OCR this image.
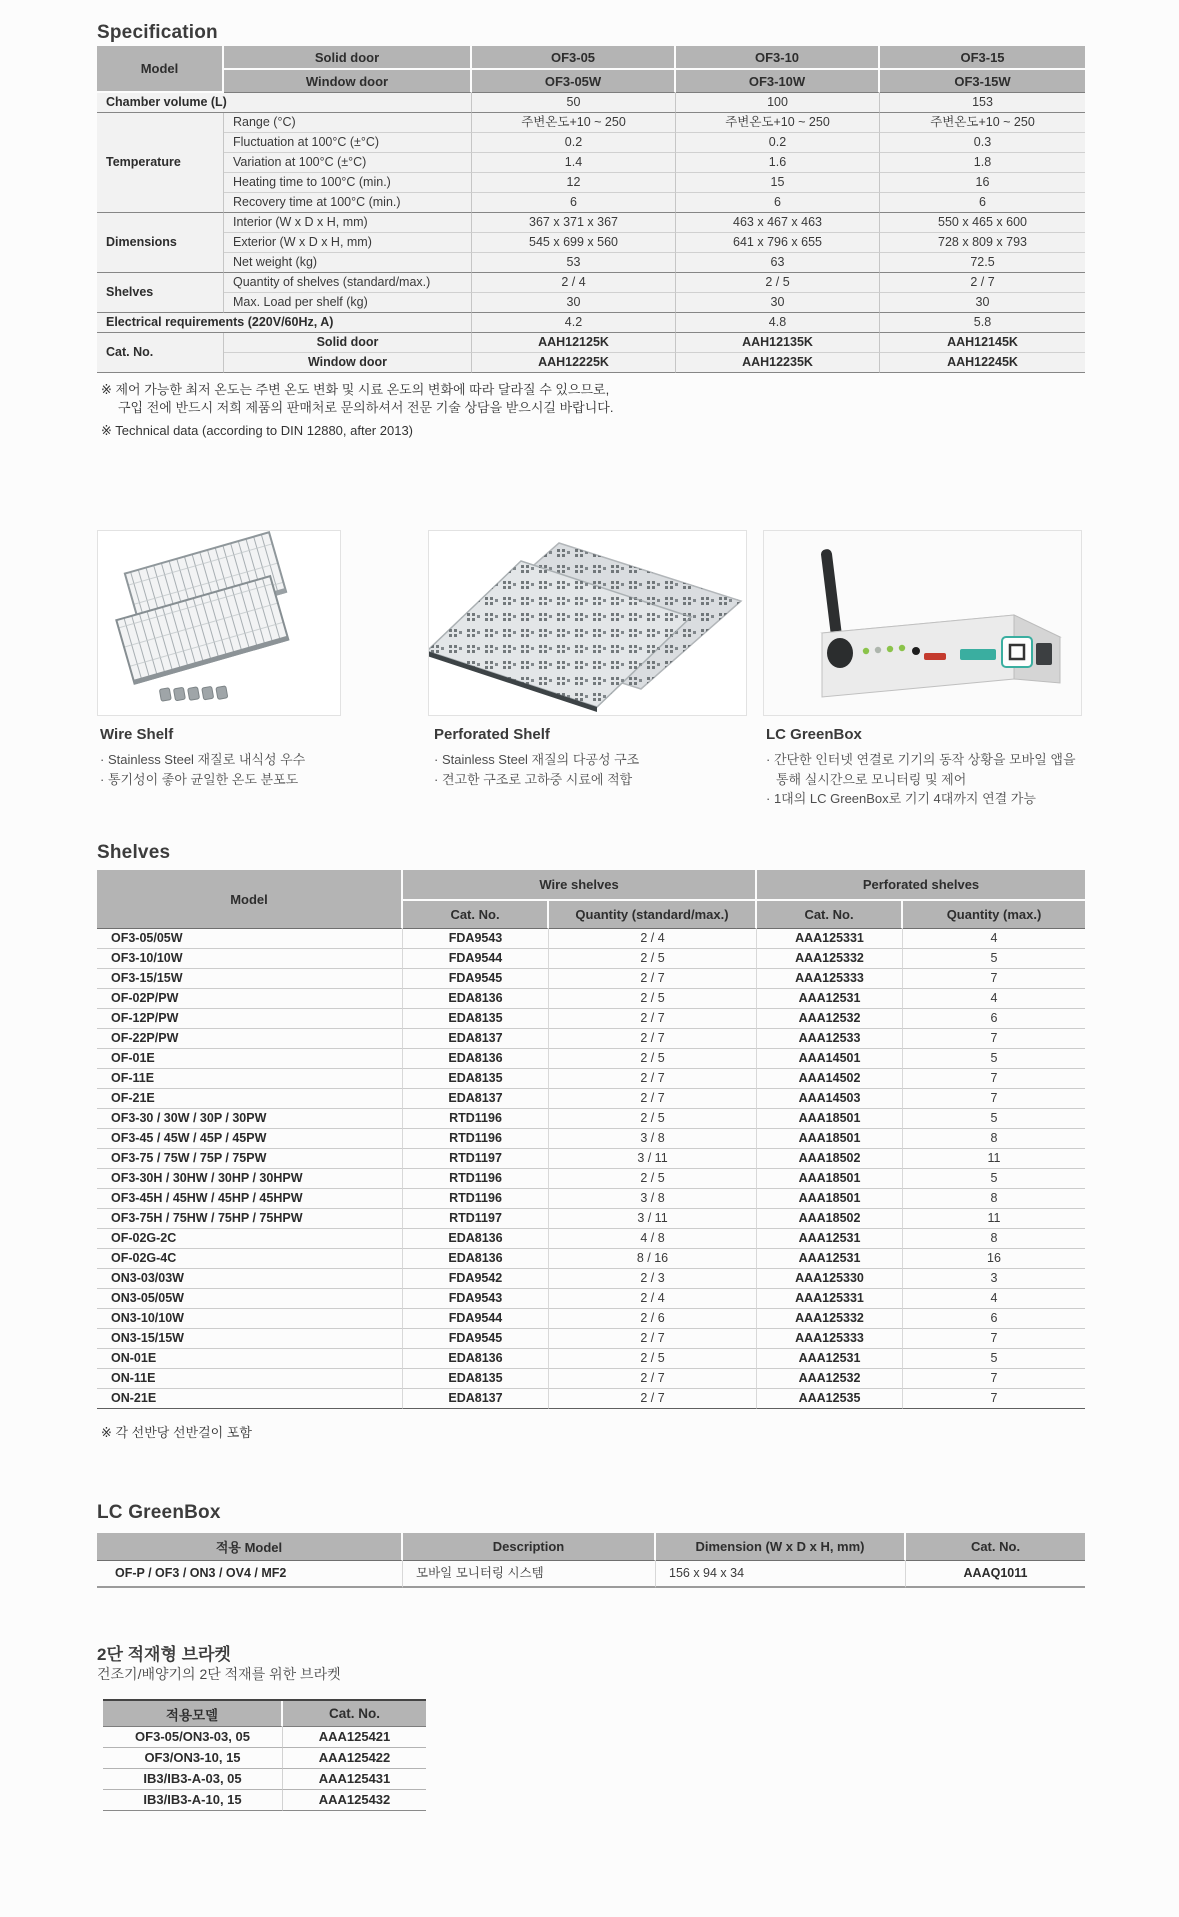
Specification
Model	Solid door	OF3-05	OF3-10	OF3-15
	Window door	OF3-05W	OF3-10W	OF3-15W
Chamber volume (L)		50	100	153
Temperature	Range (°C)	주변온도+10 ~ 250	주변온도+10 ~ 250	주변온도+10 ~ 250
	Fluctuation at 100°C (±°C)	0.2	0.2	0.3
	Variation at 100°C (±°C)	1.4	1.6	1.8
	Heating time to 100°C (min.)	12	15	16
	Recovery time at 100°C (min.)	6	6	6
Dimensions	Interior (W x D x H, mm)	367 x 371 x 367	463 x 467 x 463	550 x 465 x 600
	Exterior (W x D x H, mm)	545 x 699 x 560	641 x 796 x 655	728 x 809 x 793
	Net weight (kg)	53	63	72.5
Shelves	Quantity of shelves (standard/max.)	2 / 4	2 / 5	2 / 7
	Max. Load per shelf (kg)	30	30	30
Electrical requirements (220V/60Hz, A)		4.2	4.8	5.8
Cat. No.	Solid door	AAH12125K	AAH12135K	AAH12145K
	Window door	AAH12225K	AAH12235K	AAH12245K
※ 제어 가능한 최저 온도는 주변 온도 변화 및 시료 온도의 변화에 따라 달라질 수 있으므로,
구입 전에 반드시 저희 제품의 판매처로 문의하셔서 전문 기술 상담을 받으시길 바랍니다.
※ Technical data (according to DIN 12880, after 2013)
Wire Shelf
· Stainless Steel 재질로 내식성 우수
· 통기성이 좋아 균일한 온도 분포도
Perforated Shelf
· Stainless Steel 재질의 다공성 구조
· 견고한 구조로 고하중 시료에 적합
LC GreenBox
· 간단한 인터넷 연결로 기기의 동작 상황을 모바일 앱을 통해 실시간으로 모니터링 및 제어
· 1대의 LC GreenBox로 기기 4대까지 연결 가능
Shelves
Model	Wire shelves		Perforated shelves	
	Cat. No.	Quantity (standard/max.)	Cat. No.	Quantity (max.)
OF3-05/05W	FDA9543	2 / 4	AAA125331	4
OF3-10/10W	FDA9544	2 / 5	AAA125332	5
OF3-15/15W	FDA9545	2 / 7	AAA125333	7
OF-02P/PW	EDA8136	2 / 5	AAA12531	4
OF-12P/PW	EDA8135	2 / 7	AAA12532	6
OF-22P/PW	EDA8137	2 / 7	AAA12533	7
OF-01E	EDA8136	2 / 5	AAA14501	5
OF-11E	EDA8135	2 / 7	AAA14502	7
OF-21E	EDA8137	2 / 7	AAA14503	7
OF3-30 / 30W / 30P / 30PW	RTD1196	2 / 5	AAA18501	5
OF3-45 / 45W / 45P / 45PW	RTD1196	3 / 8	AAA18501	8
OF3-75 / 75W / 75P / 75PW	RTD1197	3 / 11	AAA18502	11
OF3-30H / 30HW / 30HP / 30HPW	RTD1196	2 / 5	AAA18501	5
OF3-45H / 45HW / 45HP / 45HPW	RTD1196	3 / 8	AAA18501	8
OF3-75H / 75HW / 75HP / 75HPW	RTD1197	3 / 11	AAA18502	11
OF-02G-2C	EDA8136	4 / 8	AAA12531	8
OF-02G-4C	EDA8136	8 / 16	AAA12531	16
ON3-03/03W	FDA9542	2 / 3	AAA125330	3
ON3-05/05W	FDA9543	2 / 4	AAA125331	4
ON3-10/10W	FDA9544	2 / 6	AAA125332	6
ON3-15/15W	FDA9545	2 / 7	AAA125333	7
ON-01E	EDA8136	2 / 5	AAA12531	5
ON-11E	EDA8135	2 / 7	AAA12532	7
ON-21E	EDA8137	2 / 7	AAA12535	7
※ 각 선반당 선반걸이 포함
LC GreenBox
적용 Model	Description	Dimension (W x D x H, mm)	Cat. No.
OF-P / OF3 / ON3 / OV4 / MF2	모바일 모니터링 시스템	156 x 94 x 34	AAAQ1011
2단 적재형 브라켓
건조기/배양기의 2단 적재를 위한 브라켓
적용모델	Cat. No.
OF3-05/ON3-03, 05	AAA125421
OF3/ON3-10, 15	AAA125422
IB3/IB3-A-03, 05	AAA125431
IB3/IB3-A-10, 15	AAA125432
